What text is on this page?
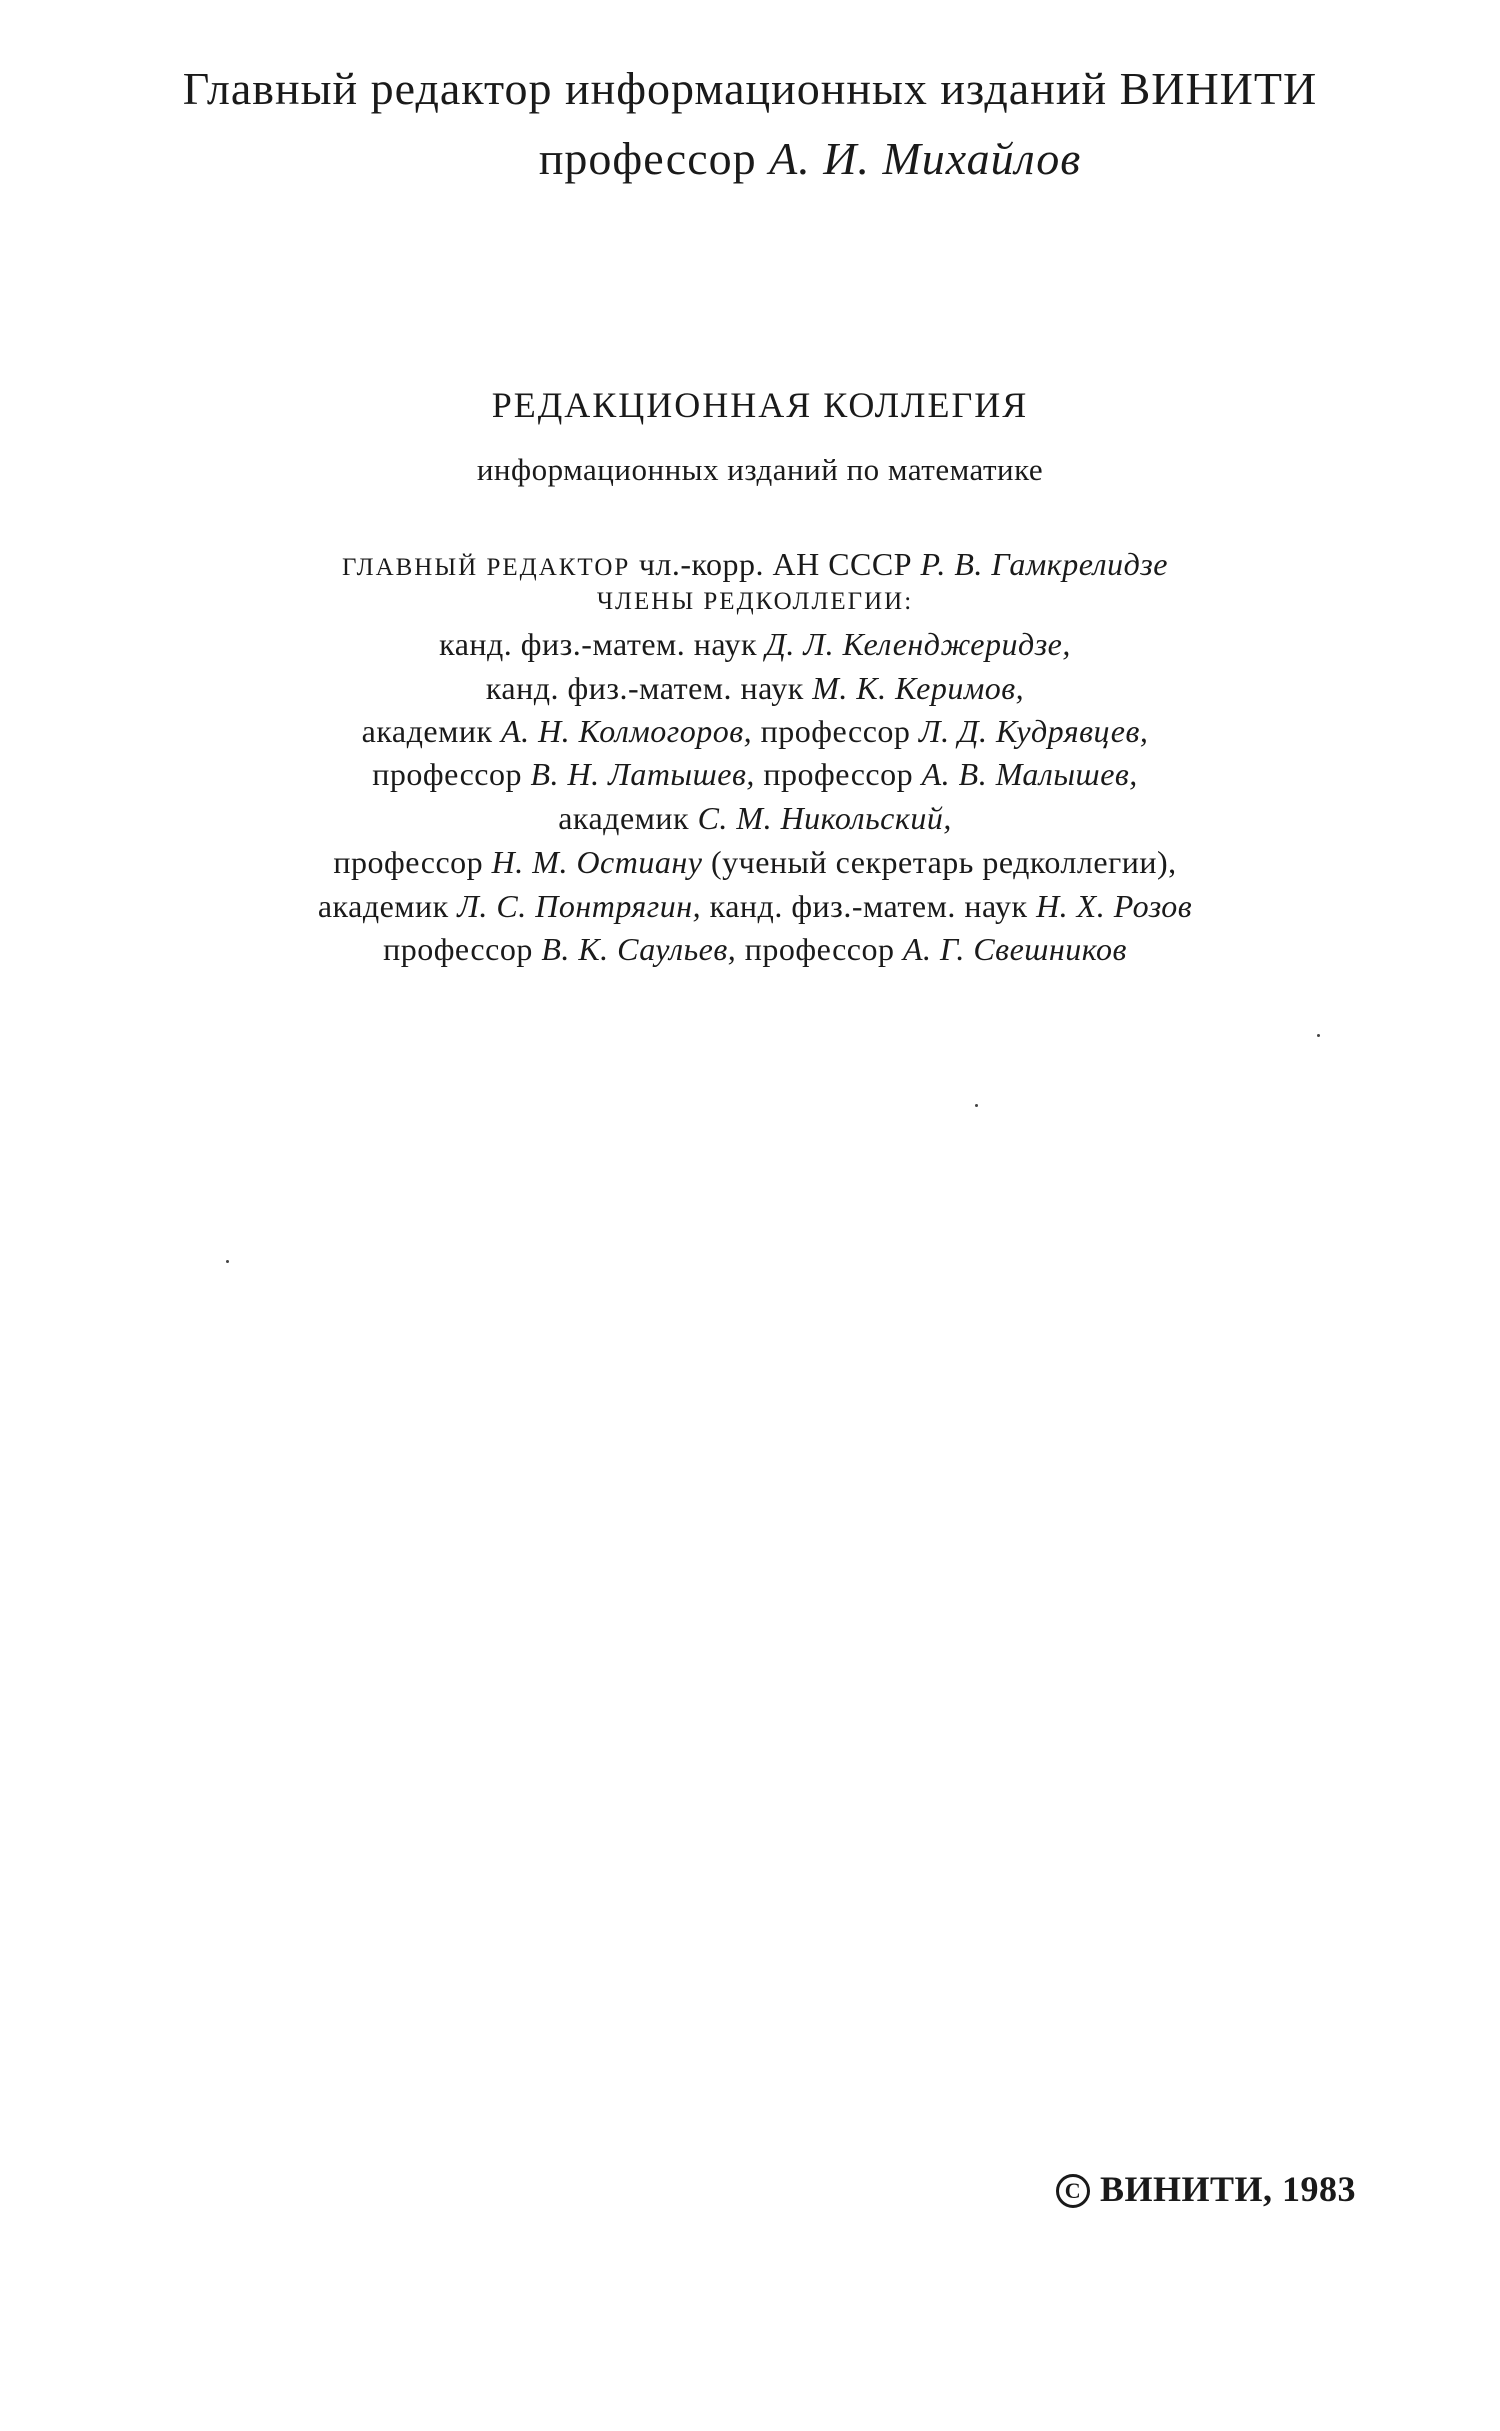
Главный редактор информационных изданий ВИНИТИ
профессор А. И. Михайлов
РЕДАКЦИОННАЯ КОЛЛЕГИЯ
информационных изданий по математике
ГЛАВНЫЙ РЕДАКТОР чл.-корр. АН СССР Р. В. Гамкрелидзе
ЧЛЕНЫ РЕДКОЛЛЕГИИ:
канд. физ.-матем. наук Д. Л. Келенджеридзе,
канд. физ.-матем. наук М. К. Керимов,
академик А. Н. Колмогоров, профессор Л. Д. Кудрявцев,
профессор В. Н. Латышев, профессор А. В. Малышев,
академик С. М. Никольский,
профессор Н. М. Остиану (ученый секретарь редколлегии),
академик Л. С. Понтрягин, канд. физ.-матем. наук Н. Х. Розов
профессор В. К. Саульев, профессор А. Г. Свешников
C ВИНИТИ, 1983
